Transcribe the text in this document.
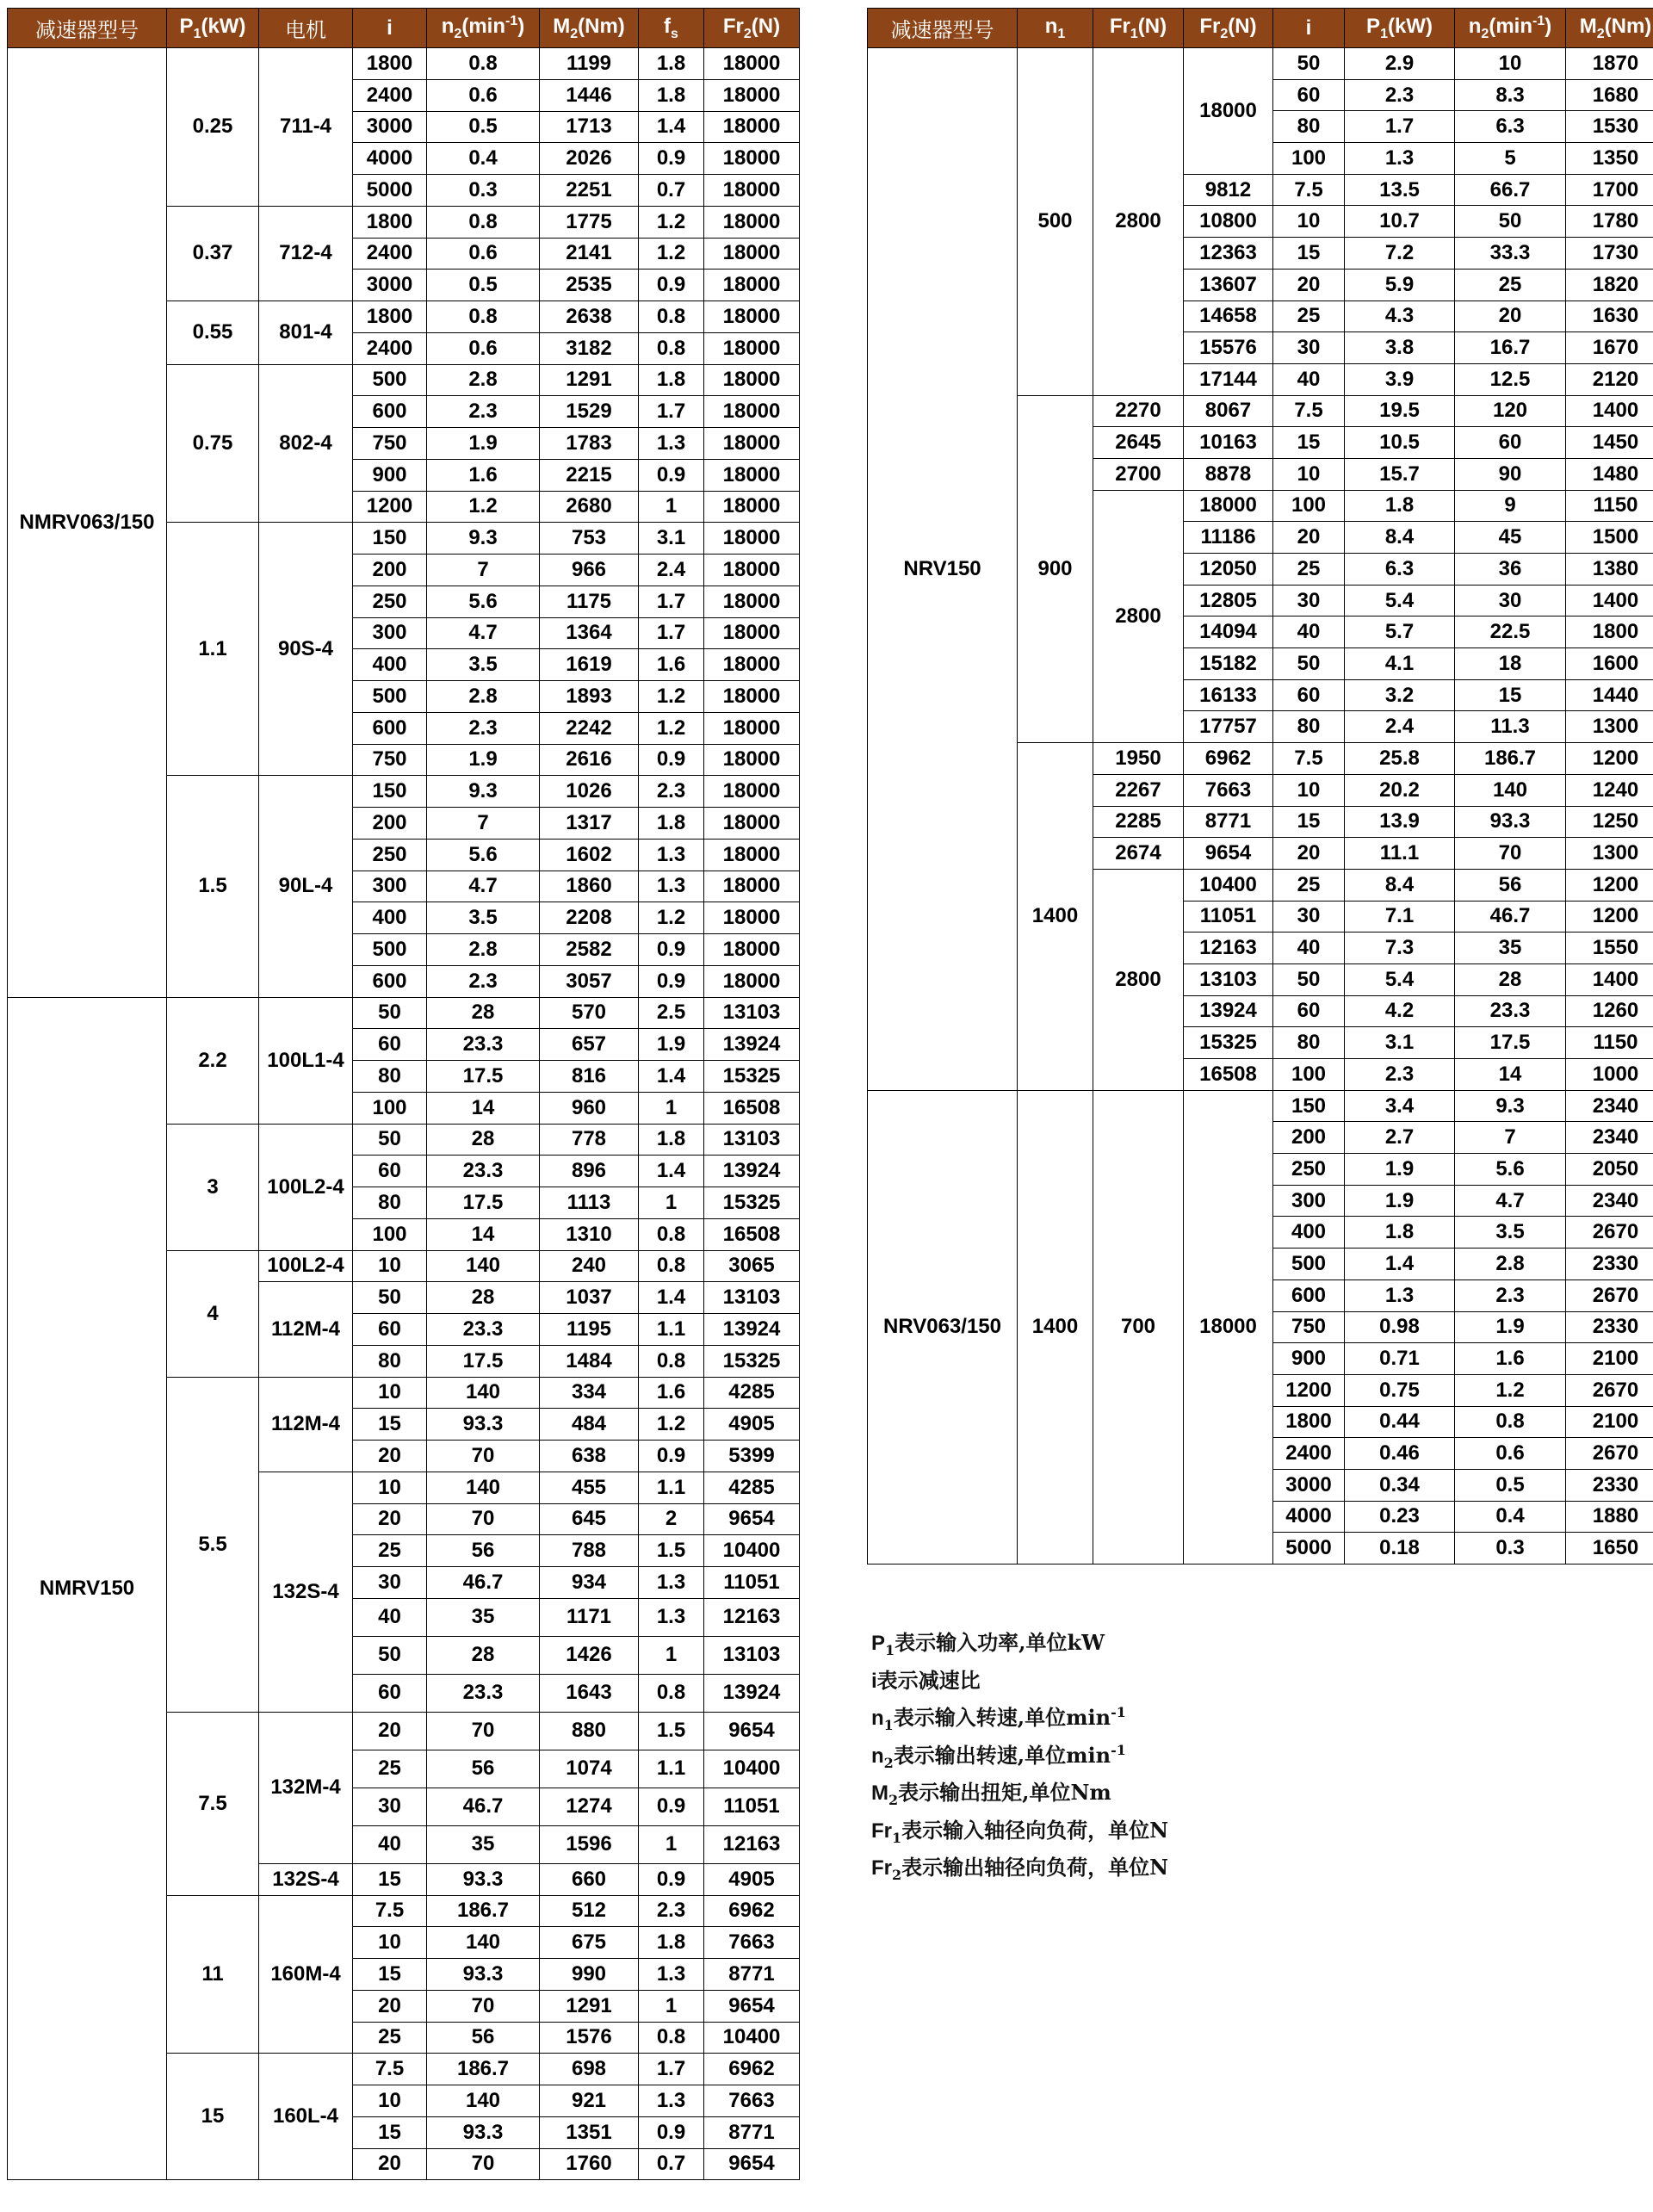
减速器型号	$P_1(kW)$	电机	i	$n_2(\min^{-1})$	$M_2(Nm)$	$f_s$	$Fr_2(N)$
NMRV063/150	0.25	711-4	1800	0.8	1199	1.8	18000
			2400	0.6	1446	1.8	18000
			3000	0.5	1713	1.4	18000
			4000	0.4	2026	0.9	18000
			5000	0.3	2251	0.7	18000
	0.37	712-4	1800	0.8	1775	1.2	18000
			2400	0.6	2141	1.2	18000
			3000	0.5	2535	0.9	18000
	0.55	801-4	1800	0.8	2638	0.8	18000
			2400	0.6	3182	0.8	18000
	0.75	802-4	500	2.8	1291	1.8	18000
			600	2.3	1529	1.7	18000
			750	1.9	1783	1.3	18000
			900	1.6	2215	0.9	18000
			1200	1.2	2680	1	18000
	1.1	90S-4	150	9.3	753	3.1	18000
			200	7	966	2.4	18000
			250	5.6	1175	1.7	18000
			300	4.7	1364	1.7	18000
			400	3.5	1619	1.6	18000
			500	2.8	1893	1.2	18000
			600	2.3	2242	1.2	18000
			750	1.9	2616	0.9	18000
	1.5	90L-4	150	9.3	1026	2.3	18000
			200	7	1317	1.8	18000
			250	5.6	1602	1.3	18000
			300	4.7	1860	1.3	18000
			400	3.5	2208	1.2	18000
			500	2.8	2582	0.9	18000
			600	2.3	3057	0.9	18000
NMRV150	2.2	100L1-4	50	28	570	2.5	13103
			60	23.3	657	1.9	13924
			80	17.5	816	1.4	15325
			100	14	960	1	16508
	3	100L2-4	50	28	778	1.8	13103
			60	23.3	896	1.4	13924
			80	17.5	1113	1	15325
			100	14	1310	0.8	16508
	4	100L2-4	10	140	240	0.8	3065
		112M-4	50	28	1037	1.4	13103
			60	23.3	1195	1.1	13924
			80	17.5	1484	0.8	15325
	5.5	112M-4	10	140	334	1.6	4285
			15	93.3	484	1.2	4905
			20	70	638	0.9	5399
		132S-4	10	140	455	1.1	4285
			20	70	645	2	9654
			25	56	788	1.5	10400
			30	46.7	934	1.3	11051
			40	35	1171	1.3	12163
			50	28	1426	1	13103
			60	23.3	1643	0.8	13924
	7.5	132M-4	20	70	880	1.5	9654
			25	56	1074	1.1	10400
			30	46.7	1274	0.9	11051
			40	35	1596	1	12163
		132S-4	15	93.3	660	0.9	4905
	11	160M-4	7.5	186.7	512	2.3	6962
			10	140	675	1.8	7663
			15	93.3	990	1.3	8771
			20	70	1291	1	9654
			25	56	1576	0.8	10400
	15	160L-4	7.5	186.7	698	1.7	6962
			10	140	921	1.3	7663
			15	93.3	1351	0.9	8771
			20	70	1760	0.7	9654
减速器型号	$n_1$	$Fr_1(N)$	$Fr_2(N)$	i	$P_1(kW)$	$n_2(\min^{-1})$	$M_2(Nm)$
NRV150	500	2800	18000	50	2.9	10	1870
				60	2.3	8.3	1680
				80	1.7	6.3	1530
				100	1.3	5	1350
			9812	7.5	13.5	66.7	1700
			10800	10	10.7	50	1780
			12363	15	7.2	33.3	1730
			13607	20	5.9	25	1820
			14658	25	4.3	20	1630
			15576	30	3.8	16.7	1670
			17144	40	3.9	12.5	2120
	900	2270	8067	7.5	19.5	120	1400
		2645	10163	15	10.5	60	1450
		2700	8878	10	15.7	90	1480
		2800	18000	100	1.8	9	1150
			11186	20	8.4	45	1500
			12050	25	6.3	36	1380
			12805	30	5.4	30	1400
			14094	40	5.7	22.5	1800
			15182	50	4.1	18	1600
			16133	60	3.2	15	1440
			17757	80	2.4	11.3	1300
	1400	1950	6962	7.5	25.8	186.7	1200
		2267	7663	10	20.2	140	1240
		2285	8771	15	13.9	93.3	1250
		2674	9654	20	11.1	70	1300
		2800	10400	25	8.4	56	1200
			11051	30	7.1	46.7	1200
			12163	40	7.3	35	1550
			13103	50	5.4	28	1400
			13924	60	4.2	23.3	1260
			15325	80	3.1	17.5	1150
			16508	100	2.3	14	1000
NRV063/150	1400	700	18000	150	3.4	9.3	2340
				200	2.7	7	2340
				250	1.9	5.6	2050
				300	1.9	4.7	2340
				400	1.8	3.5	2670
				500	1.4	2.8	2330
				600	1.3	2.3	2670
				750	0.98	1.9	2330
				900	0.71	1.6	2100
				1200	0.75	1.2	2670
				1800	0.44	0.8	2100
				2400	0.46	0.6	2670
				3000	0.34	0.5	2330
				4000	0.23	0.4	1880
				5000	0.18	0.3	1650
$P_1$表示输入功率,单位kW
i表示减速比
$n_1$表示输入转速,单位$\min^{-1}$
$n_2$表示输出转速,单位$\min^{-1}$
$M_2$表示输出扭矩,单位Nm
$Fr_1$表示输入轴径向负荷，单位N
$Fr_2$表示输出轴径向负荷，单位N
